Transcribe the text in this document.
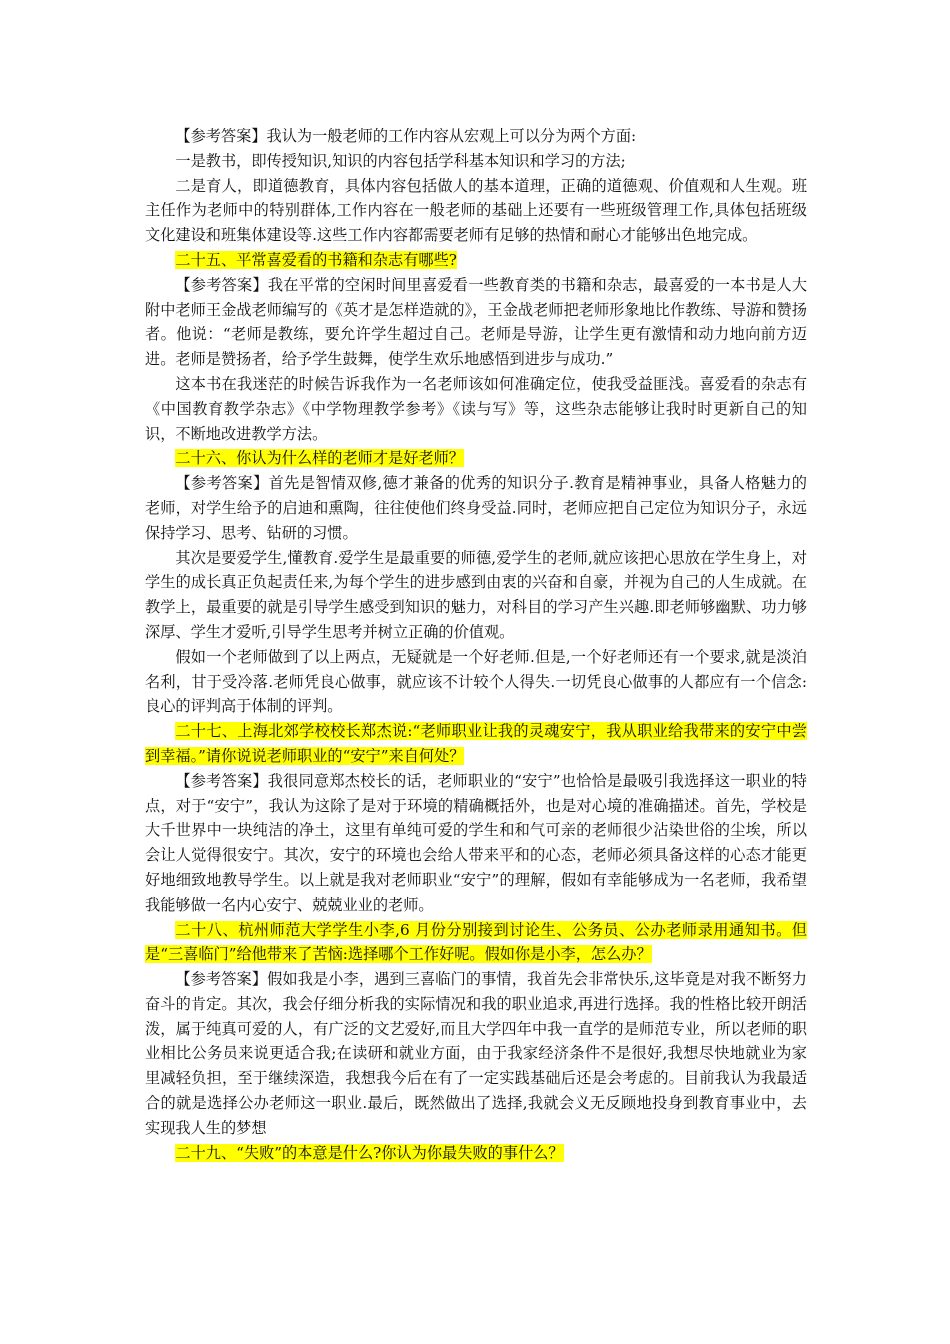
【参考答案】我认为一般老师的工作内容从宏观上可以分为两个方面:

一是教书，即传授知识,知识的内容包括学科基本知识和学习的方法;

二是育人，即道德教育，具体内容包括做人的基本道理，正确的道德观、价值观和人生观。班主任作为老师中的特别群体,工作内容在一般老师的基础上还要有一些班级管理工作,具体包括班级文化建设和班集体建设等.这些工作内容都需要老师有足够的热情和耐心才能够出色地完成。

二十五、平常喜爱看的书籍和杂志有哪些?

【参考答案】我在平常的空闲时间里喜爱看一些教育类的书籍和杂志，最喜爱的一本书是人大附中老师王金战老师编写的《英才是怎样造就的》，王金战老师把老师形象地比作教练、导游和赞扬者。他说：“老师是教练，要允许学生超过自己。老师是导游，让学生更有激情和动力地向前方迈进。老师是赞扬者，给予学生鼓舞，使学生欢乐地感悟到进步与成功.”

这本书在我迷茫的时候告诉我作为一名老师该如何准确定位，使我受益匪浅。喜爱看的杂志有《中国教育教学杂志》《中学物理教学参考》《读与写》等，这些杂志能够让我时时更新自己的知识，不断地改进教学方法。

二十六、你认为什么样的老师才是好老师？

【参考答案】首先是智情双修,德才兼备的优秀的知识分子.教育是精神事业，具备人格魅力的老师，对学生给予的启迪和熏陶，往往使他们终身受益.同时，老师应把自己定位为知识分子，永远保持学习、思考、钻研的习惯。

其次是要爱学生,懂教育.爱学生是最重要的师德,爱学生的老师,就应该把心思放在学生身上，对学生的成长真正负起责任来,为每个学生的进步感到由衷的兴奋和自豪，并视为自己的人生成就。在教学上，最重要的就是引导学生感受到知识的魅力，对科目的学习产生兴趣.即老师够幽默、功力够深厚、学生才爱听,引导学生思考并树立正确的价值观。

假如一个老师做到了以上两点，无疑就是一个好老师.但是,一个好老师还有一个要求,就是淡泊名利，甘于受冷落.老师凭良心做事，就应该不计较个人得失.一切凭良心做事的人都应有一个信念:良心的评判高于体制的评判。

二十七、上海北郊学校校长郑杰说:“老师职业让我的灵魂安宁，我从职业给我带来的安宁中尝到幸福。”请你说说老师职业的“安宁”来自何处？

【参考答案】我很同意郑杰校长的话，老师职业的“安宁”也恰恰是最吸引我选择这一职业的特点，对于“安宁”，我认为这除了是对于环境的精确概括外，也是对心境的准确描述。首先，学校是大千世界中一块纯洁的净土，这里有单纯可爱的学生和和气可亲的老师很少沾染世俗的尘埃，所以会让人觉得很安宁。其次，安宁的环境也会给人带来平和的心态，老师必须具备这样的心态才能更好地细致地教导学生。以上就是我对老师职业“安宁”的理解，假如有幸能够成为一名老师，我希望我能够做一名内心安宁、兢兢业业的老师。

二十八、杭州师范大学学生小李,6 月份分别接到讨论生、公务员、公办老师录用通知书。但是“三喜临门”给他带来了苦恼:选择哪个工作好呢。假如你是小李，怎么办？

【参考答案】假如我是小李，遇到三喜临门的事情，我首先会非常快乐,这毕竟是对我不断努力奋斗的肯定。其次，我会仔细分析我的实际情况和我的职业追求,再进行选择。我的性格比较开朗活泼，属于纯真可爱的人，有广泛的文艺爱好,而且大学四年中我一直学的是师范专业，所以老师的职业相比公务员来说更适合我;在读研和就业方面，由于我家经济条件不是很好,我想尽快地就业为家里减轻负担，至于继续深造，我想我今后在有了一定实践基础后还是会考虑的。目前我认为我最适合的就是选择公办老师这一职业.最后，既然做出了选择,我就会义无反顾地投身到教育事业中，去实现我人生的梦想

二十九、“失败”的本意是什么?你认为你最失败的事什么？
